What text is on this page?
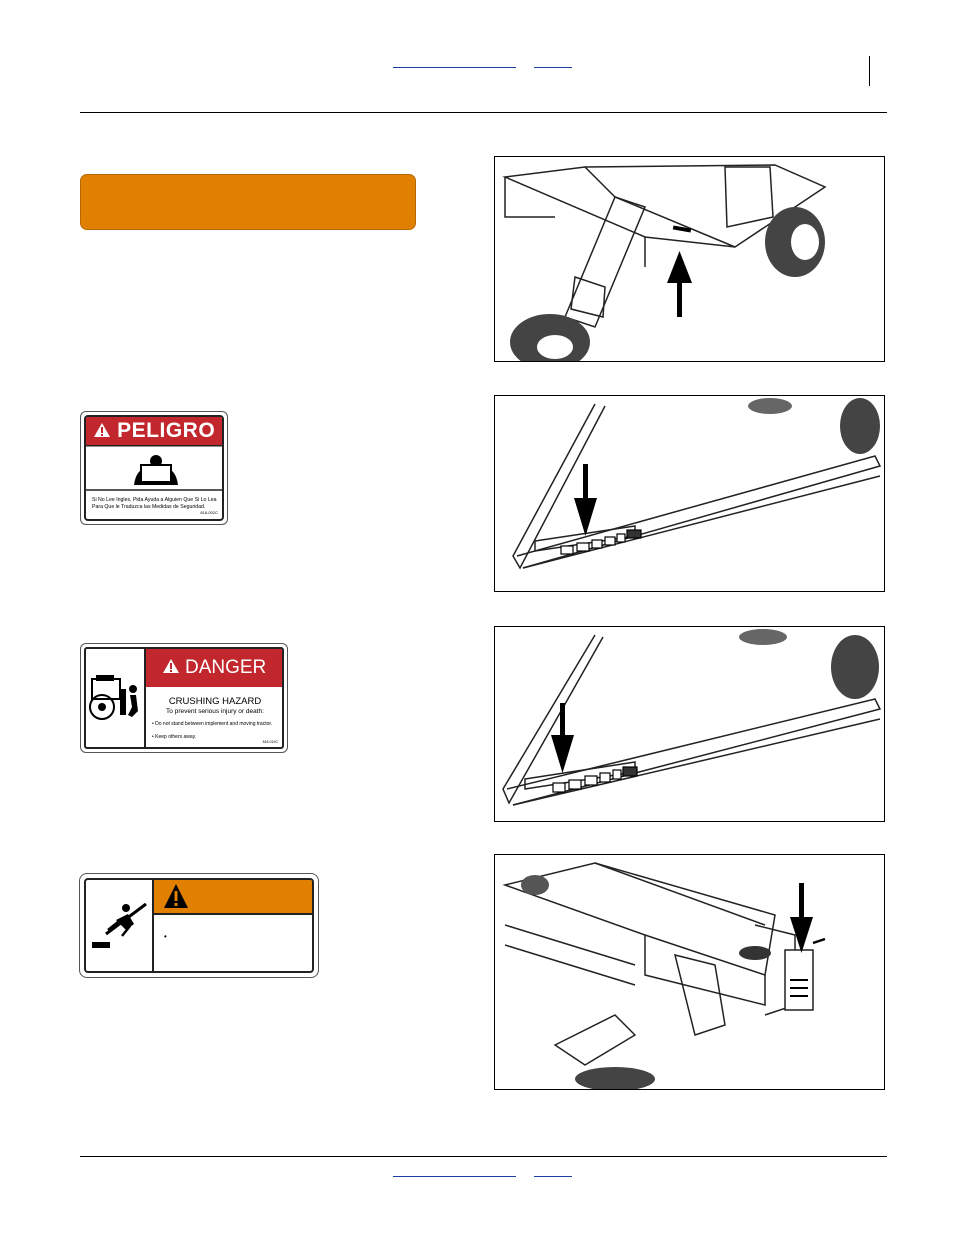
PELIGRO
Si No Lee Ingles, Pida Ayuda a Alguien Que Si Lo Lea Para Que le Traduzca las Medidas de Seguridad.
818-002C
DANGER
CRUSHING HAZARD
To prevent serious injury or death:
• Do not stand between implement and moving tractor.
• Keep others away.
818-019C
•
